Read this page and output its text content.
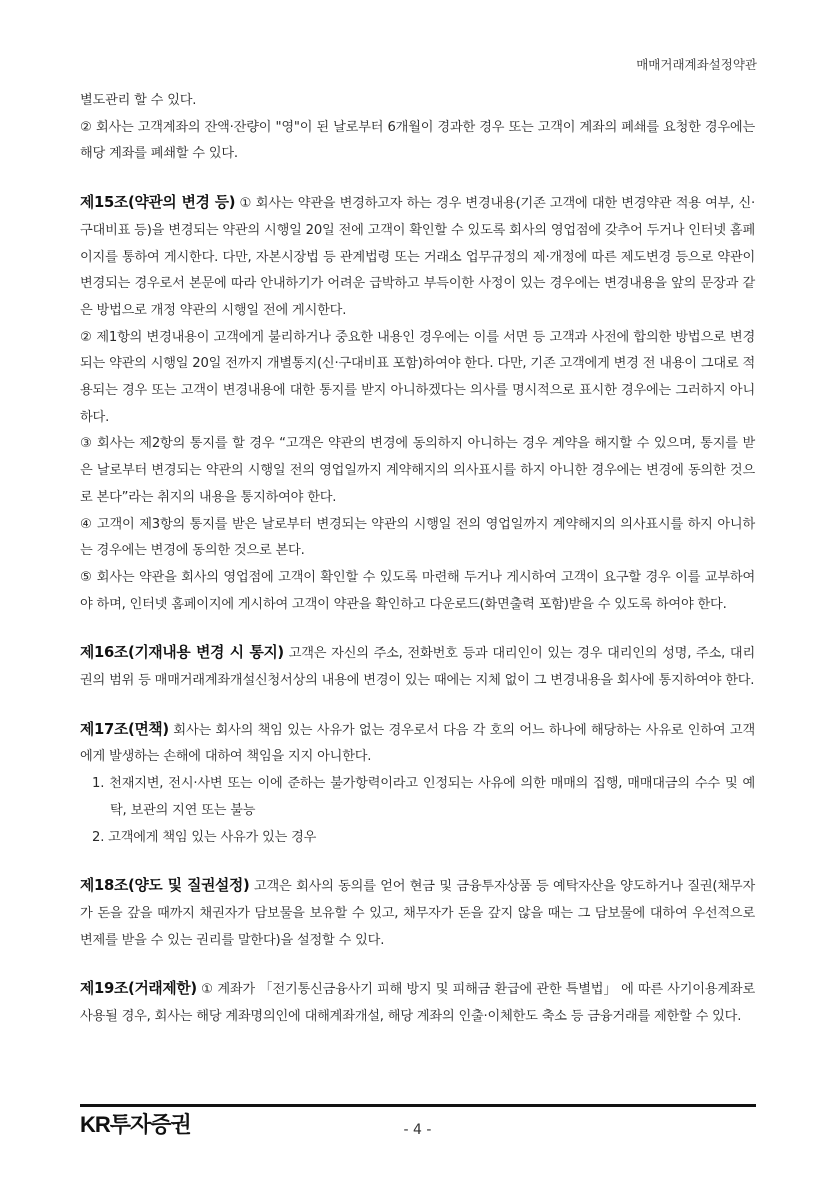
매매거래계좌설정약관

별도관리 할 수 있다.

② 회사는 고객계좌의 잔액·잔량이 "영"이 된 날로부터 6개월이 경과한 경우 또는 고객이 계좌의 폐쇄를 요청한 경우에는 해당 계좌를 폐쇄할 수 있다.

제15조(약관의 변경 등) ① 회사는 약관을 변경하고자 하는 경우 변경내용(기존 고객에 대한 변경약관 적용 여부, 신·구대비표 등)을 변경되는 약관의 시행일 20일 전에 고객이 확인할 수 있도록 회사의 영업점에 갖추어 두거나 인터넷 홈페이지를 통하여 게시한다. 다만, 자본시장법 등 관계법령 또는 거래소 업무규정의 제·개정에 따른 제도변경 등으로 약관이 변경되는 경우로서 본문에 따라 안내하기가 어려운 급박하고 부득이한 사정이 있는 경우에는 변경내용을 앞의 문장과 같은 방법으로 개정 약관의 시행일 전에 게시한다.

② 제1항의 변경내용이 고객에게 불리하거나 중요한 내용인 경우에는 이를 서면 등 고객과 사전에 합의한 방법으로 변경되는 약관의 시행일 20일 전까지 개별통지(신·구대비표 포함)하여야 한다. 다만, 기존 고객에게 변경 전 내용이 그대로 적용되는 경우 또는 고객이 변경내용에 대한 통지를 받지 아니하겠다는 의사를 명시적으로 표시한 경우에는 그러하지 아니하다.

③ 회사는 제2항의 통지를 할 경우 “고객은 약관의 변경에 동의하지 아니하는 경우 계약을 해지할 수 있으며, 통지를 받은 날로부터 변경되는 약관의 시행일 전의 영업일까지 계약해지의 의사표시를 하지 아니한 경우에는 변경에 동의한 것으로 본다”라는 취지의 내용을 통지하여야 한다.

④ 고객이 제3항의 통지를 받은 날로부터 변경되는 약관의 시행일 전의 영업일까지 계약해지의 의사표시를 하지 아니하는 경우에는 변경에 동의한 것으로 본다.

⑤ 회사는 약관을 회사의 영업점에 고객이 확인할 수 있도록 마련해 두거나 게시하여 고객이 요구할 경우 이를 교부하여야 하며, 인터넷 홈페이지에 게시하여 고객이 약관을 확인하고 다운로드(화면출력 포함)받을 수 있도록 하여야 한다.

제16조(기재내용 변경 시 통지) 고객은 자신의 주소, 전화번호 등과 대리인이 있는 경우 대리인의 성명, 주소, 대리권의 범위 등 매매거래계좌개설신청서상의 내용에 변경이 있는 때에는 지체 없이 그 변경내용을 회사에 통지하여야 한다.

제17조(면책) 회사는 회사의 책임 있는 사유가 없는 경우로서 다음 각 호의 어느 하나에 해당하는 사유로 인하여 고객에게 발생하는 손해에 대하여 책임을 지지 아니한다.

1. 천재지변, 전시·사변 또는 이에 준하는 불가항력이라고 인정되는 사유에 의한 매매의 집행, 매매대금의 수수 및 예탁, 보관의 지연 또는 불능
2. 고객에게 책임 있는 사유가 있는 경우

제18조(양도 및 질권설정) 고객은 회사의 동의를 얻어 현금 및 금융투자상품 등 예탁자산을 양도하거나 질권(채무자가 돈을 갚을 때까지 채권자가 담보물을 보유할 수 있고, 채무자가 돈을 갚지 않을 때는 그 담보물에 대하여 우선적으로 변제를 받을 수 있는 권리를 말한다)을 설정할 수 있다.

제19조(거래제한) ① 계좌가 「전기통신금융사기 피해 방지 및 피해금 환급에 관한 특별법」 에 따른 사기이용계좌로 사용될 경우, 회사는 해당 계좌명의인에 대해계좌개설, 해당 계좌의 인출·이체한도 축소 등 금융거래를 제한할 수 있다.

KR투자증권	- 4 -
